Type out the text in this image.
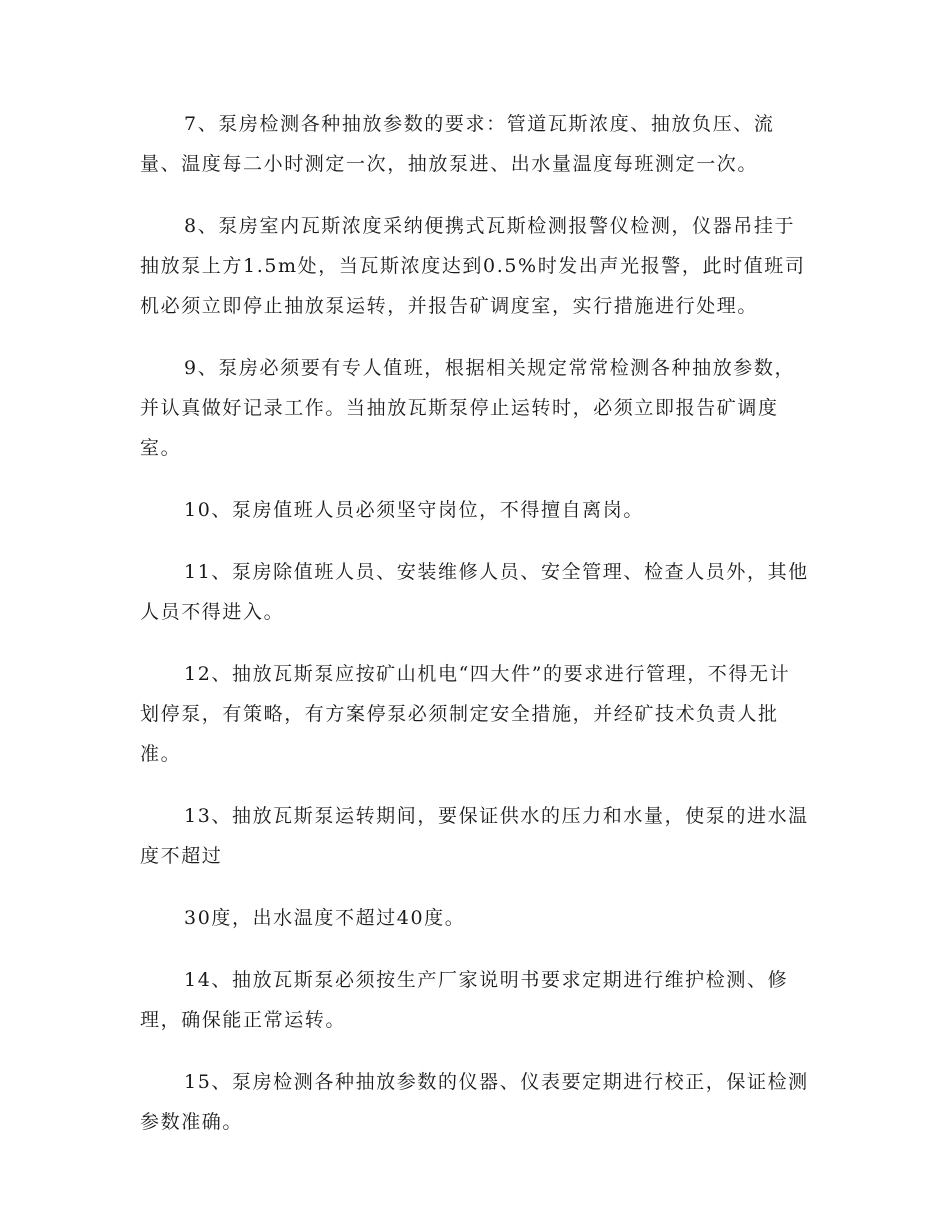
7、泵房检测各种抽放参数的要求：管道瓦斯浓度、抽放负压、流量、温度每二小时测定一次，抽放泵进、出水量温度每班测定一次。

8、泵房室内瓦斯浓度采纳便携式瓦斯检测报警仪检测，仪器吊挂于抽放泵上方1.5m处，当瓦斯浓度达到0.5%时发出声光报警，此时值班司机必须立即停止抽放泵运转，并报告矿调度室，实行措施进行处理。

9、泵房必须要有专人值班，根据相关规定常常检测各种抽放参数，并认真做好记录工作。当抽放瓦斯泵停止运转时，必须立即报告矿调度室。

10、泵房值班人员必须坚守岗位，不得擅自离岗。

11、泵房除值班人员、安装维修人员、安全管理、检查人员外，其他人员不得进入。

12、抽放瓦斯泵应按矿山机电“四大件”的要求进行管理，不得无计划停泵，有策略，有方案停泵必须制定安全措施，并经矿技术负责人批准。

13、抽放瓦斯泵运转期间，要保证供水的压力和水量，使泵的进水温度不超过

30度，出水温度不超过40度。

14、抽放瓦斯泵必须按生产厂家说明书要求定期进行维护检测、修理，确保能正常运转。

15、泵房检测各种抽放参数的仪器、仪表要定期进行校正，保证检测参数准确。
